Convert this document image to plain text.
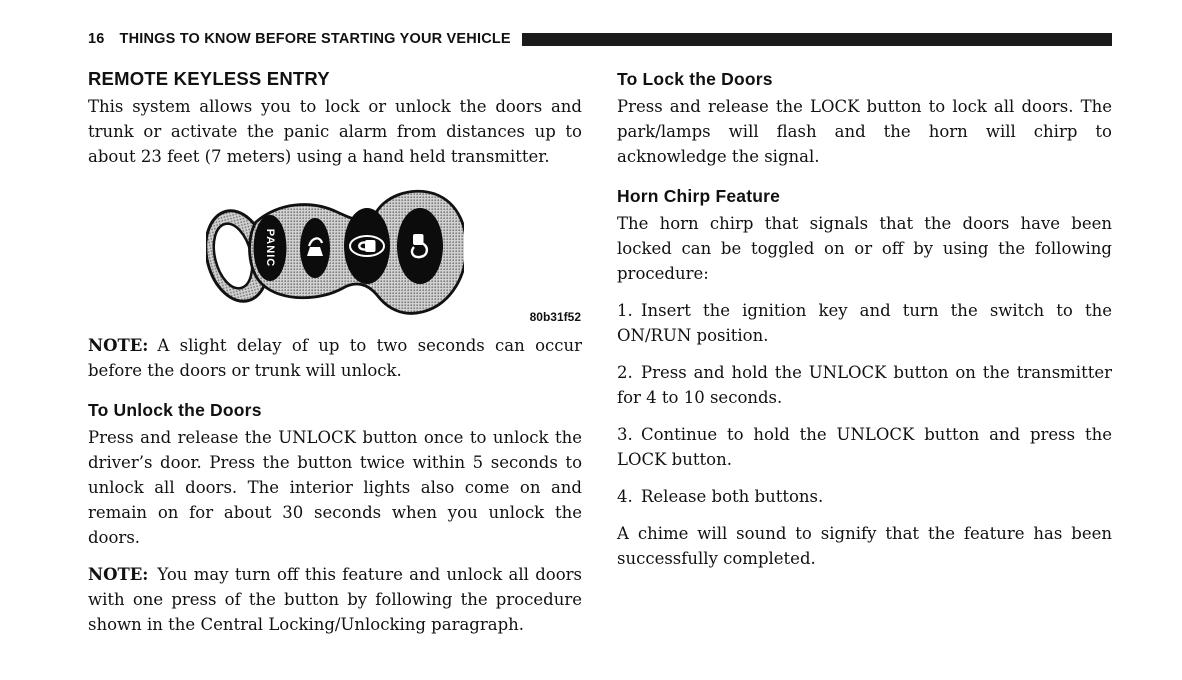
16 THINGS TO KNOW BEFORE STARTING YOUR VEHICLE
REMOTE KEYLESS ENTRY

This system allows you to lock or unlock the doors and trunk or activate the panic alarm from distances up to about 23 feet (7 meters) using a hand held transmitter.

PANIC
80b31f52

NOTE: A slight delay of up to two seconds can occur before the doors or trunk will unlock.

To Unlock the Doors

Press and release the UNLOCK button once to unlock the driver’s door. Press the button twice within 5 seconds to unlock all doors. The interior lights also come on and remain on for about 30 seconds when you unlock the doors.

NOTE: You may turn off this feature and unlock all doors with one press of the button by following the procedure shown in the Central Locking/Unlocking paragraph.

To Lock the Doors

Press and release the LOCK button to lock all doors. The park/lamps will flash and the horn will chirp to acknowledge the signal.

Horn Chirp Feature

The horn chirp that signals that the doors have been locked can be toggled on or off by using the following procedure:

1. Insert the ignition key and turn the switch to the ON/RUN position.

2. Press and hold the UNLOCK button on the transmitter for 4 to 10 seconds.

3. Continue to hold the UNLOCK button and press the LOCK button.

4. Release both buttons.

A chime will sound to signify that the feature has been successfully completed.
